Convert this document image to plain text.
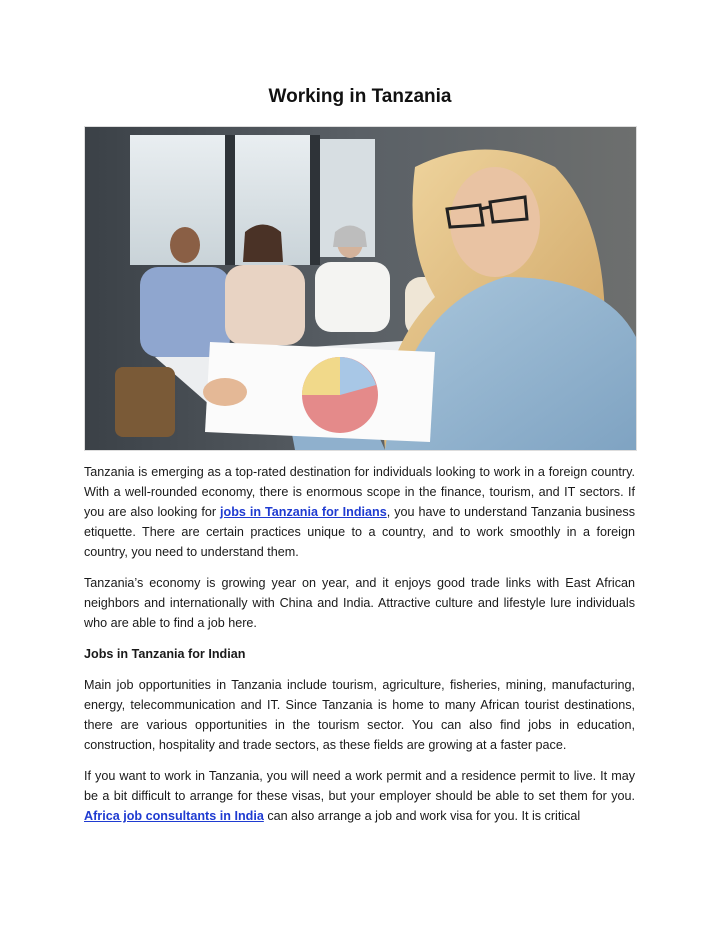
Working in Tanzania

Tanzania is emerging as a top-rated destination for individuals looking to work in a foreign country. With a well-rounded economy, there is enormous scope in the finance, tourism, and IT sectors. If you are also looking for jobs in Tanzania for Indians, you have to understand Tanzania business etiquette. There are certain practices unique to a country, and to work smoothly in a foreign country, you need to understand them.

Tanzania’s economy is growing year on year, and it enjoys good trade links with East African neighbors and internationally with China and India. Attractive culture and lifestyle lure individuals who are able to find a job here.

Jobs in Tanzania for Indian

Main job opportunities in Tanzania include tourism, agriculture, fisheries, mining, manufacturing, energy, telecommunication and IT. Since Tanzania is home to many African tourist destinations, there are various opportunities in the tourism sector. You can also find jobs in education, construction, hospitality and trade sectors, as these fields are growing at a faster pace.

If you want to work in Tanzania, you will need a work permit and a residence permit to live. It may be a bit difficult to arrange for these visas, but your employer should be able to set them for you. Africa job consultants in India can also arrange a job and work visa for you. It is critical
